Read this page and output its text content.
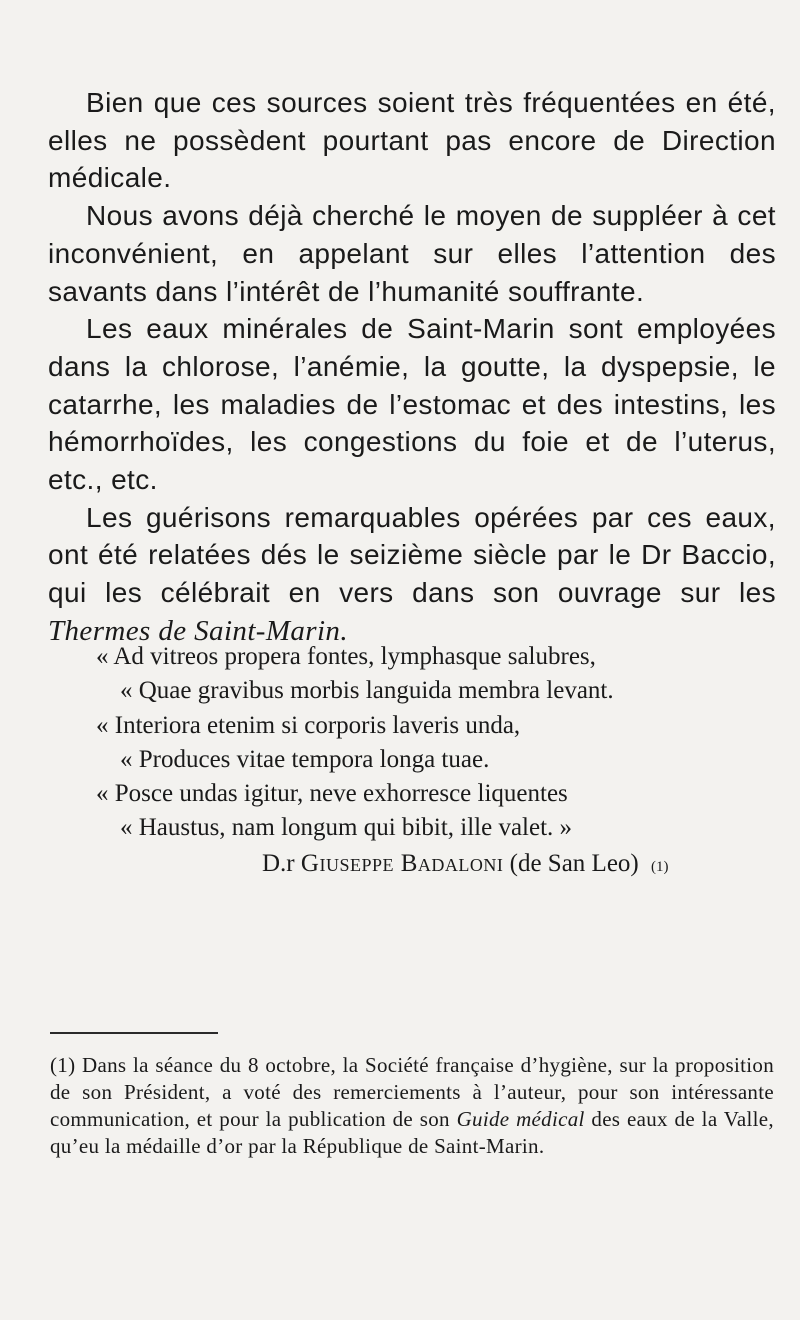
Bien que ces sources soient très fréquentées en été, elles ne possèdent pourtant pas encore de Direction médicale.

Nous avons déjà cherché le moyen de suppléer à cet inconvénient, en appelant sur elles l’attention des savants dans l’intérêt de l’humanité souffrante.

Les eaux minérales de Saint-Marin sont employées dans la chlorose, l’anémie, la goutte, la dyspepsie, le catarrhe, les maladies de l’estomac et des intestins, les hémorrhoïdes, les congestions du foie et de l’uterus, etc., etc.

Les guérisons remarquables opérées par ces eaux, ont été relatées dés le seizième siècle par le Dr Baccio, qui les célébrait en vers dans son ouvrage sur les Thermes de Saint-Marin.

« Ad vitreos propera fontes, lymphasque salubres,
« Quae gravibus morbis languida membra levant.
« Interiora etenim si corporis laveris unda,
« Produces vitae tempora longa tuae.
« Posce undas igitur, neve exhorresce liquentes
« Haustus, nam longum qui bibit, ille valet. »
D.r Giuseppe Badaloni (de San Leo) (1)

(1) Dans la séance du 8 octobre, la Société française d’hygiène, sur la proposition de son Président, a voté des remerciements à l’auteur, pour son intéressante communication, et pour la publication de son Guide médical des eaux de la Valle, qu’eu la médaille d’or par la République de Saint-Marin.
